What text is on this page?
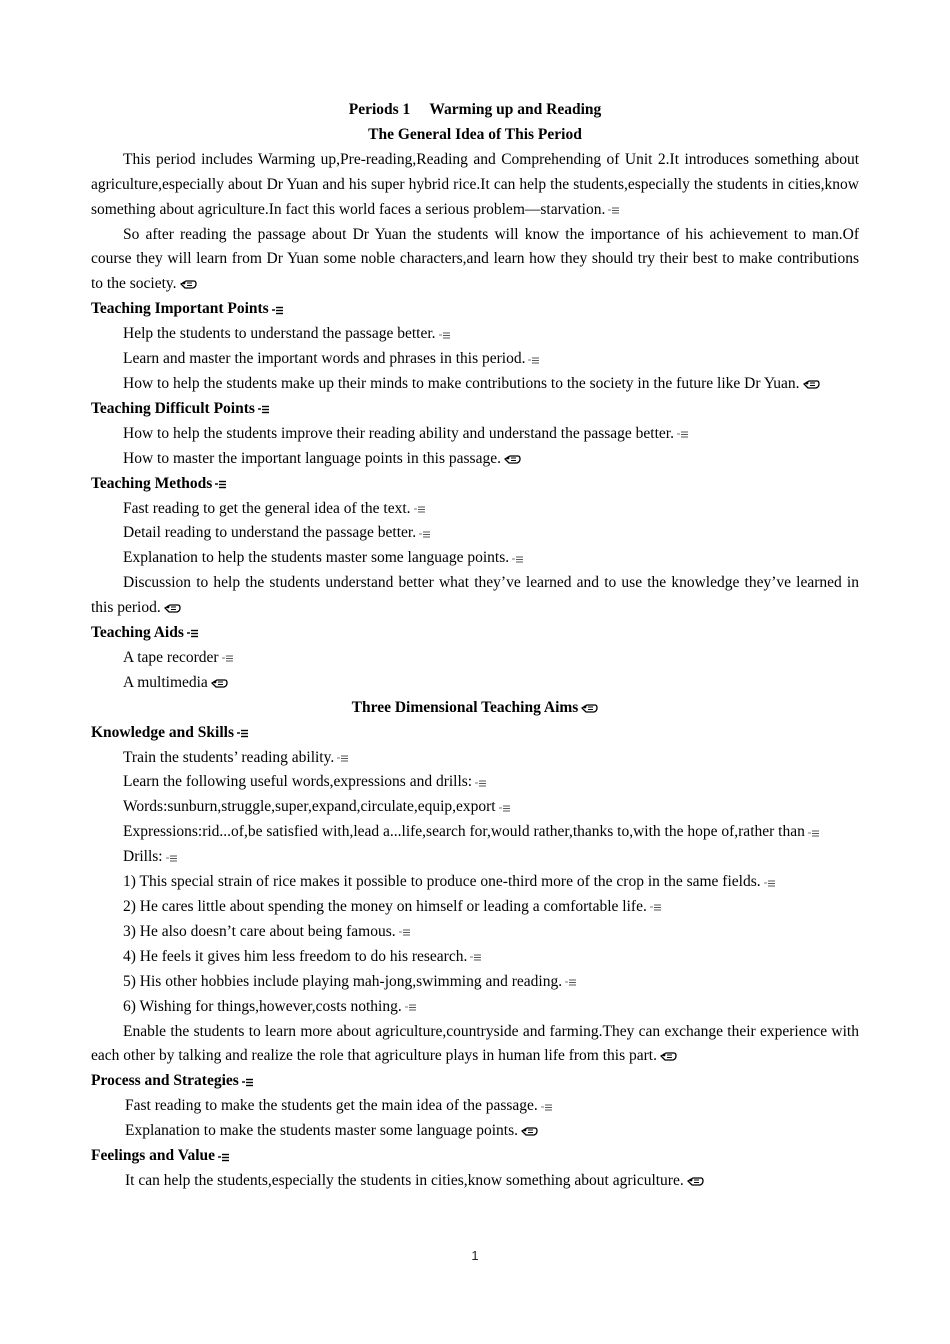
Periods 1  Warming up and Reading

The General Idea of This Period

This period includes Warming up,Pre-reading,Reading and Comprehending of Unit 2.It introduces something about agriculture,especially about Dr Yuan and his super hybrid rice.It can help the students,especially the students in cities,know something about agriculture.In fact this world faces a serious problem—starvation.

So after reading the passage about Dr Yuan the students will know the importance of his achievement to man.Of course they will learn from Dr Yuan some noble characters,and learn how they should try their best to make contributions to the society.

Teaching Important Points

Help the students to understand the passage better.

Learn and master the important words and phrases in this period.

How to help the students make up their minds to make contributions to the society in the future like Dr Yuan.

Teaching Difficult Points

How to help the students improve their reading ability and understand the passage better.

How to master the important language points in this passage.

Teaching Methods

Fast reading to get the general idea of the text.

Detail reading to understand the passage better.

Explanation to help the students master some language points.

Discussion to help the students understand better what they’ve learned and to use the knowledge they’ve learned in this period.

Teaching Aids

A tape recorder

A multimedia

Three Dimensional Teaching Aims

Knowledge and Skills

Train the students’ reading ability.

Learn the following useful words,expressions and drills:

Words:sunburn,struggle,super,expand,circulate,equip,export

Expressions:rid...of,be satisfied with,lead a...life,search for,would rather,thanks to,with the hope of,rather than

Drills:

1) This special strain of rice makes it possible to produce one-third more of the crop in the same fields.

2) He cares little about spending the money on himself or leading a comfortable life.

3) He also doesn’t care about being famous.

4) He feels it gives him less freedom to do his research.

5) His other hobbies include playing mah-jong,swimming and reading.

6) Wishing for things,however,costs nothing.

Enable the students to learn more about agriculture,countryside and farming.They can exchange their experience with each other by talking and realize the role that agriculture plays in human life from this part.

Process and Strategies

Fast reading to make the students get the main idea of the passage.

Explanation to make the students master some language points.

Feelings and Value

It can help the students,especially the students in cities,know something about agriculture.

1
